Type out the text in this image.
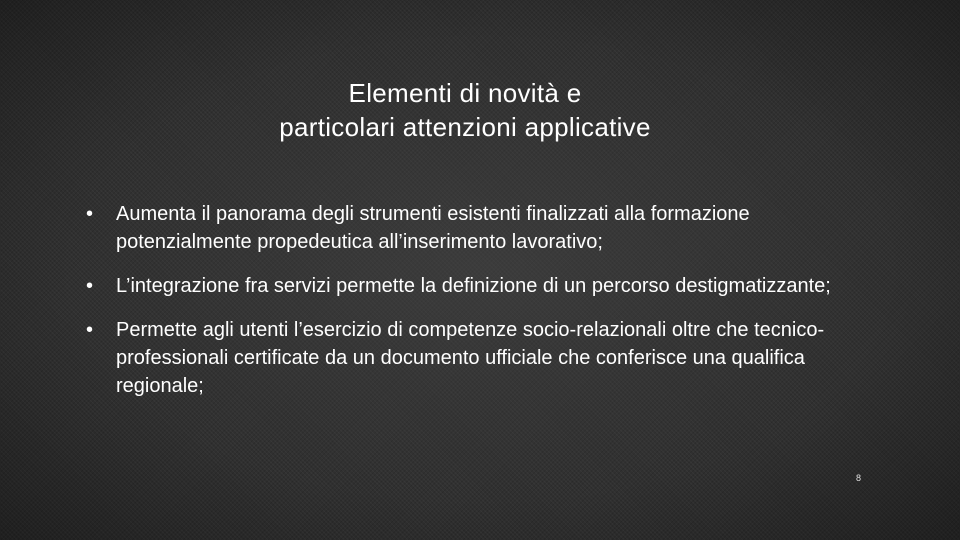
Elementi di novità e
particolari attenzioni applicative
•	Aumenta il panorama degli strumenti esistenti finalizzati alla formazione potenzialmente propedeutica all’inserimento lavorativo;
•	L’integrazione fra servizi permette la definizione di un percorso destigmatizzante;
•	Permette agli utenti l’esercizio di competenze socio-relazionali oltre che tecnico-professionali certificate da un documento ufficiale che conferisce una qualifica regionale;
8
